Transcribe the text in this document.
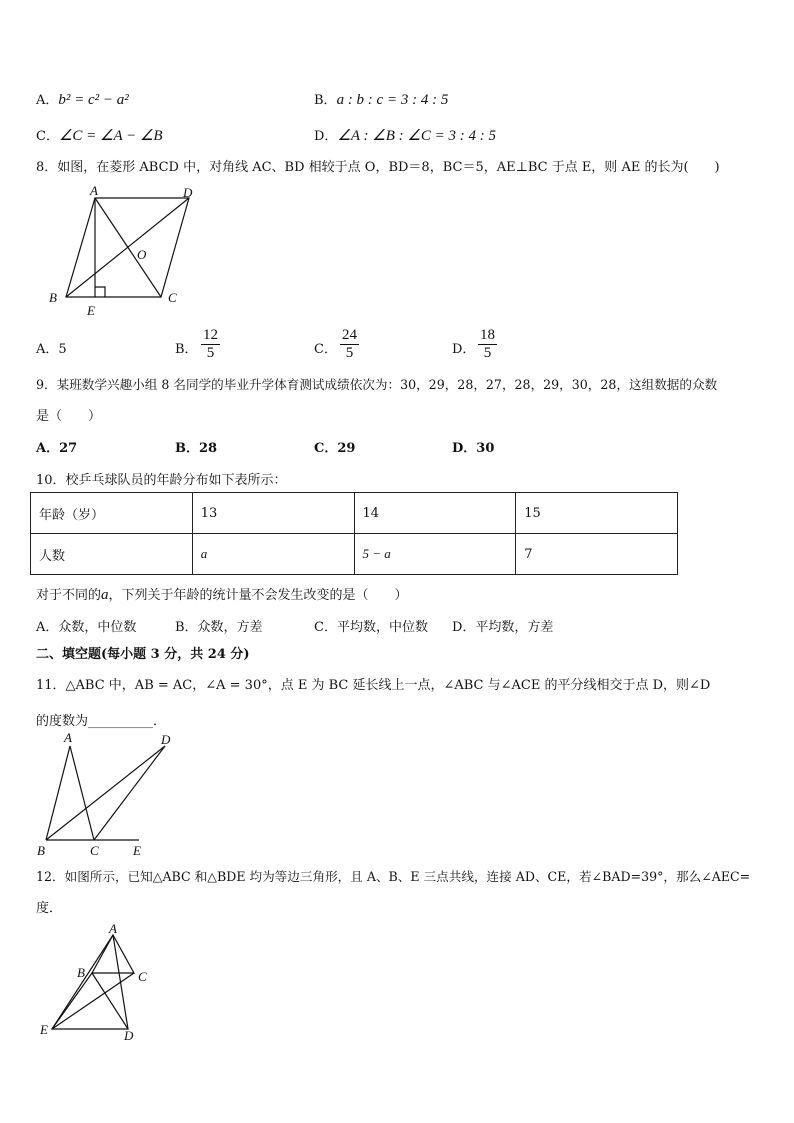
A．b² = c² − a²	B．a : b : c = 3 : 4 : 5
C．∠C = ∠A − ∠B	D．∠A : ∠B : ∠C = 3 : 4 : 5
8．如图，在菱形 ABCD 中，对角线 AC、BD 相较于点 O，BD＝8，BC＝5，AE⊥BC 于点 E，则 AE 的长为(　　)
A	D
O
B	C
E
A．5	B． $\frac{12}{5}$	C． $\frac{24}{5}$	D． $\frac{18}{5}$
9．某班数学兴趣小组 8 名同学的毕业升学体育测试成绩依次为：30，29，28，27，28，29，30，28，这组数据的众数
是（　　）
A．27	B．28	C．29	D．30
10．校乒乓球队员的年龄分布如下表所示：
年龄（岁）	13	14	15
人数	a	5 − a	7
对于不同的a，下列关于年龄的统计量不会发生改变的是（　　）
A．众数，中位数	B．众数，方差	C．平均数，中位数 D．平均数，方差
二、填空题(每小题 3 分，共 24 分)
11．△ABC 中，AB = AC，∠A = 30°，点 E 为 BC 延长线上一点，∠ABC 与∠ACE 的平分线相交于点 D，则∠D
的度数为__________．
A	D
B	C	E
12．如图所示，已知△ABC 和△BDE 均为等边三角形，且 A、B、E 三点共线，连接 AD、CE，若∠BAD=39°，那么∠AEC=
度．
A
B	C
E	D
